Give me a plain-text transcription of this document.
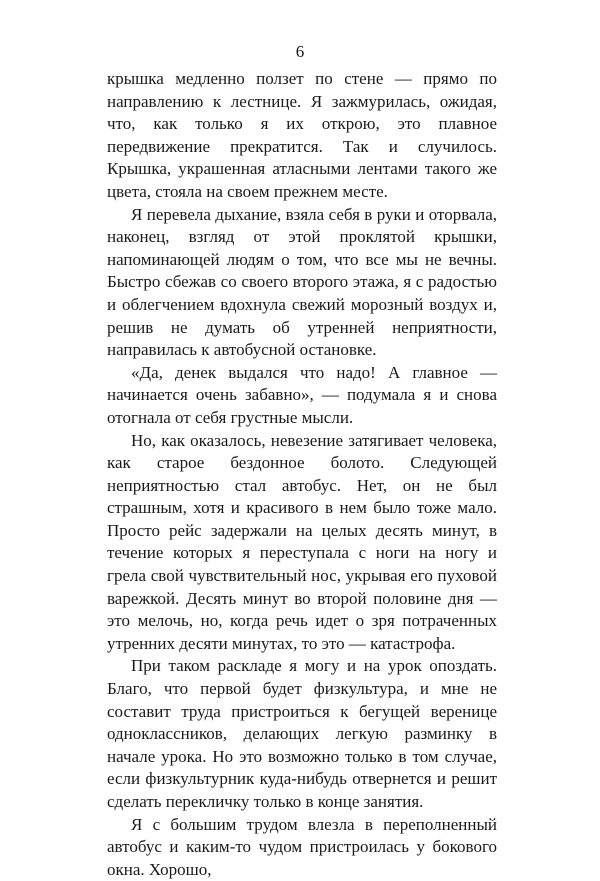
6

крышка медленно ползет по стене — прямо по направлению к лестнице. Я зажмурилась, ожидая, что, как только я их открою, это плавное передвижение прекратится. Так и случилось. Крышка, украшенная атласными лентами такого же цвета, стояла на своем прежнем месте.

Я перевела дыхание, взяла себя в руки и оторвала, наконец, взгляд от этой проклятой крышки, напоминающей людям о том, что все мы не вечны. Быстро сбежав со своего второго этажа, я с радостью и облегчением вдохнула свежий морозный воздух и, решив не думать об утренней неприятности, направилась к автобусной остановке.

«Да, денек выдался что надо! А главное — начинается очень забавно», — подумала я и снова отогнала от себя грустные мысли.

Но, как оказалось, невезение затягивает человека, как старое бездонное болото. Следующей неприятностью стал автобус. Нет, он не был страшным, хотя и красивого в нем было тоже мало. Просто рейс задержали на целых десять минут, в течение которых я переступала с ноги на ногу и грела свой чувствительный нос, укрывая его пуховой варежкой. Десять минут во второй половине дня — это мелочь, но, когда речь идет о зря потраченных утренних десяти минутах, то это — катастрофа.

При таком раскладе я могу и на урок опоздать. Благо, что первой будет физкультура, и мне не составит труда пристроиться к бегущей веренице одноклассников, делающих легкую разминку в начале урока. Но это возможно только в том случае, если физкультурник куда-нибудь отвернется и решит сделать перекличку только в конце занятия.

Я с большим трудом влезла в переполненный автобус и каким-то чудом пристроилась у бокового окна. Хорошо,
